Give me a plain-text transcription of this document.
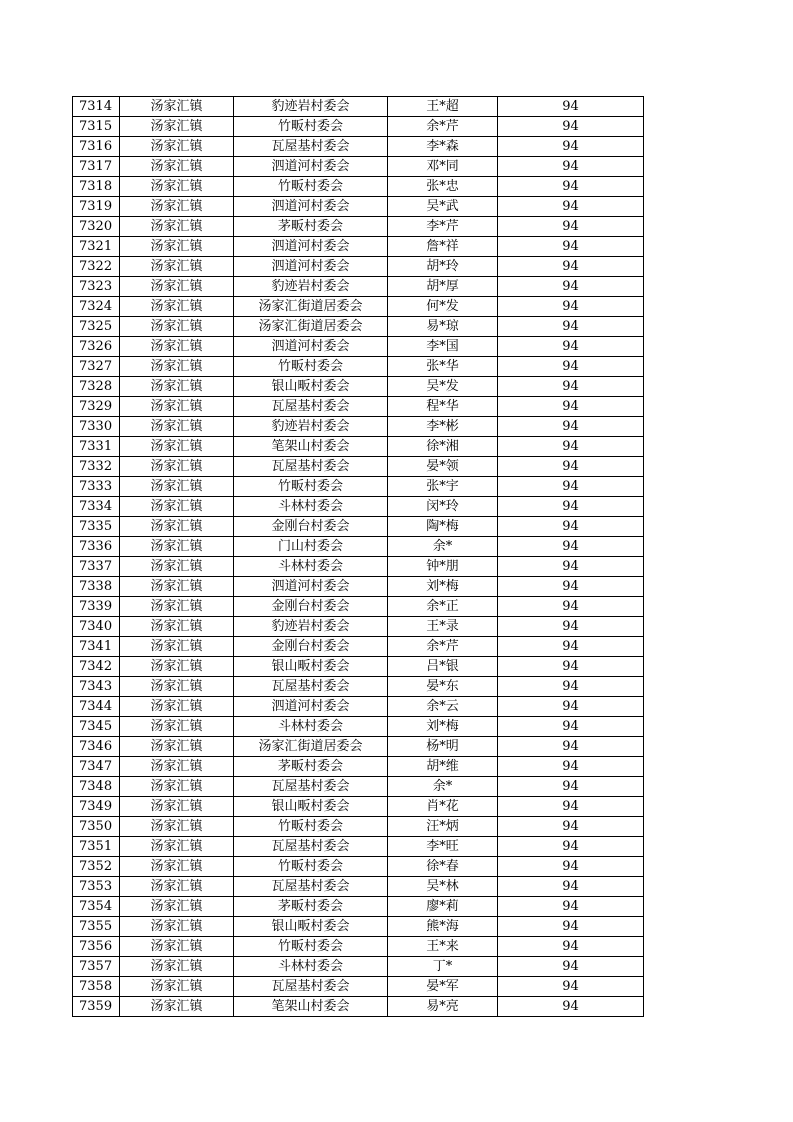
7314	汤家汇镇	豹迹岩村委会	王*超	94
7315	汤家汇镇	竹畈村委会	余*芹	94
7316	汤家汇镇	瓦屋基村委会	李*森	94
7317	汤家汇镇	泗道河村委会	邓*同	94
7318	汤家汇镇	竹畈村委会	张*忠	94
7319	汤家汇镇	泗道河村委会	吴*武	94
7320	汤家汇镇	茅畈村委会	李*芹	94
7321	汤家汇镇	泗道河村委会	詹*祥	94
7322	汤家汇镇	泗道河村委会	胡*玲	94
7323	汤家汇镇	豹迹岩村委会	胡*厚	94
7324	汤家汇镇	汤家汇街道居委会	何*发	94
7325	汤家汇镇	汤家汇街道居委会	易*琼	94
7326	汤家汇镇	泗道河村委会	李*国	94
7327	汤家汇镇	竹畈村委会	张*华	94
7328	汤家汇镇	银山畈村委会	吴*发	94
7329	汤家汇镇	瓦屋基村委会	程*华	94
7330	汤家汇镇	豹迹岩村委会	李*彬	94
7331	汤家汇镇	笔架山村委会	徐*湘	94
7332	汤家汇镇	瓦屋基村委会	晏*领	94
7333	汤家汇镇	竹畈村委会	张*宇	94
7334	汤家汇镇	斗林村委会	闵*玲	94
7335	汤家汇镇	金刚台村委会	陶*梅	94
7336	汤家汇镇	门山村委会	余*	94
7337	汤家汇镇	斗林村委会	钟*朋	94
7338	汤家汇镇	泗道河村委会	刘*梅	94
7339	汤家汇镇	金刚台村委会	余*正	94
7340	汤家汇镇	豹迹岩村委会	王*录	94
7341	汤家汇镇	金刚台村委会	余*芹	94
7342	汤家汇镇	银山畈村委会	吕*银	94
7343	汤家汇镇	瓦屋基村委会	晏*东	94
7344	汤家汇镇	泗道河村委会	余*云	94
7345	汤家汇镇	斗林村委会	刘*梅	94
7346	汤家汇镇	汤家汇街道居委会	杨*明	94
7347	汤家汇镇	茅畈村委会	胡*维	94
7348	汤家汇镇	瓦屋基村委会	余*	94
7349	汤家汇镇	银山畈村委会	肖*花	94
7350	汤家汇镇	竹畈村委会	汪*炳	94
7351	汤家汇镇	瓦屋基村委会	李*旺	94
7352	汤家汇镇	竹畈村委会	徐*春	94
7353	汤家汇镇	瓦屋基村委会	吴*林	94
7354	汤家汇镇	茅畈村委会	廖*莉	94
7355	汤家汇镇	银山畈村委会	熊*海	94
7356	汤家汇镇	竹畈村委会	王*来	94
7357	汤家汇镇	斗林村委会	丁*	94
7358	汤家汇镇	瓦屋基村委会	晏*军	94
7359	汤家汇镇	笔架山村委会	易*亮	94
